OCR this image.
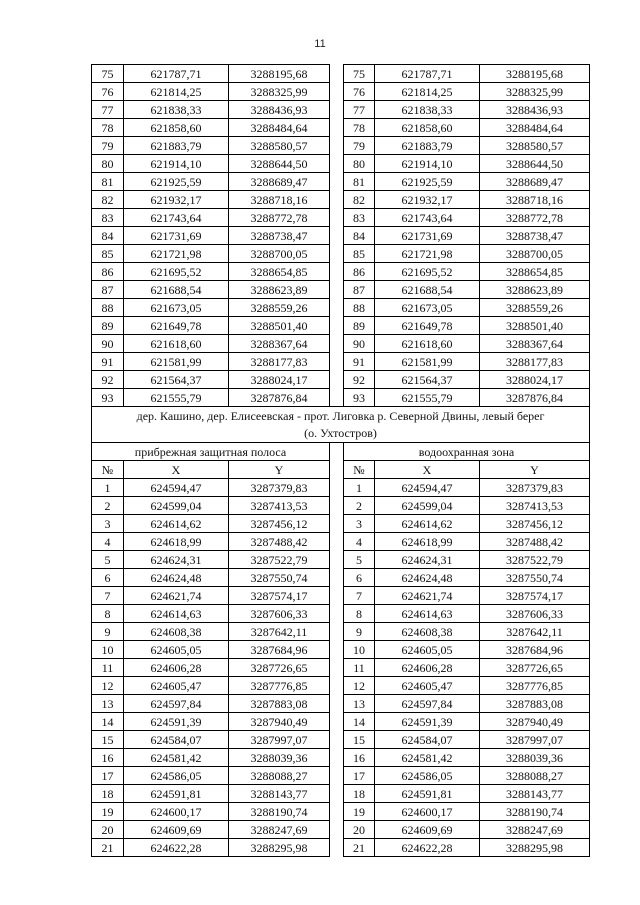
11
75	621787,71	3288195,68		75	621787,71	3288195,68
76	621814,25	3288325,99		76	621814,25	3288325,99
77	621838,33	3288436,93		77	621838,33	3288436,93
78	621858,60	3288484,64		78	621858,60	3288484,64
79	621883,79	3288580,57		79	621883,79	3288580,57
80	621914,10	3288644,50		80	621914,10	3288644,50
81	621925,59	3288689,47		81	621925,59	3288689,47
82	621932,17	3288718,16		82	621932,17	3288718,16
83	621743,64	3288772,78		83	621743,64	3288772,78
84	621731,69	3288738,47		84	621731,69	3288738,47
85	621721,98	3288700,05		85	621721,98	3288700,05
86	621695,52	3288654,85		86	621695,52	3288654,85
87	621688,54	3288623,89		87	621688,54	3288623,89
88	621673,05	3288559,26		88	621673,05	3288559,26
89	621649,78	3288501,40		89	621649,78	3288501,40
90	621618,60	3288367,64		90	621618,60	3288367,64
91	621581,99	3288177,83		91	621581,99	3288177,83
92	621564,37	3288024,17		92	621564,37	3288024,17
93	621555,79	3287876,84		93	621555,79	3287876,84
дер. Кашино, дер. Елисеевская - прот. Лиговка р. Северной Двины, левый берег
(о. Ухтостров)						
прибрежная защитная полоса				водоохранная зона		
№	X	Y		№	X	Y
1	624594,47	3287379,83		1	624594,47	3287379,83
2	624599,04	3287413,53		2	624599,04	3287413,53
3	624614,62	3287456,12		3	624614,62	3287456,12
4	624618,99	3287488,42		4	624618,99	3287488,42
5	624624,31	3287522,79		5	624624,31	3287522,79
6	624624,48	3287550,74		6	624624,48	3287550,74
7	624621,74	3287574,17		7	624621,74	3287574,17
8	624614,63	3287606,33		8	624614,63	3287606,33
9	624608,38	3287642,11		9	624608,38	3287642,11
10	624605,05	3287684,96		10	624605,05	3287684,96
11	624606,28	3287726,65		11	624606,28	3287726,65
12	624605,47	3287776,85		12	624605,47	3287776,85
13	624597,84	3287883,08		13	624597,84	3287883,08
14	624591,39	3287940,49		14	624591,39	3287940,49
15	624584,07	3287997,07		15	624584,07	3287997,07
16	624581,42	3288039,36		16	624581,42	3288039,36
17	624586,05	3288088,27		17	624586,05	3288088,27
18	624591,81	3288143,77		18	624591,81	3288143,77
19	624600,17	3288190,74		19	624600,17	3288190,74
20	624609,69	3288247,69		20	624609,69	3288247,69
21	624622,28	3288295,98		21	624622,28	3288295,98
